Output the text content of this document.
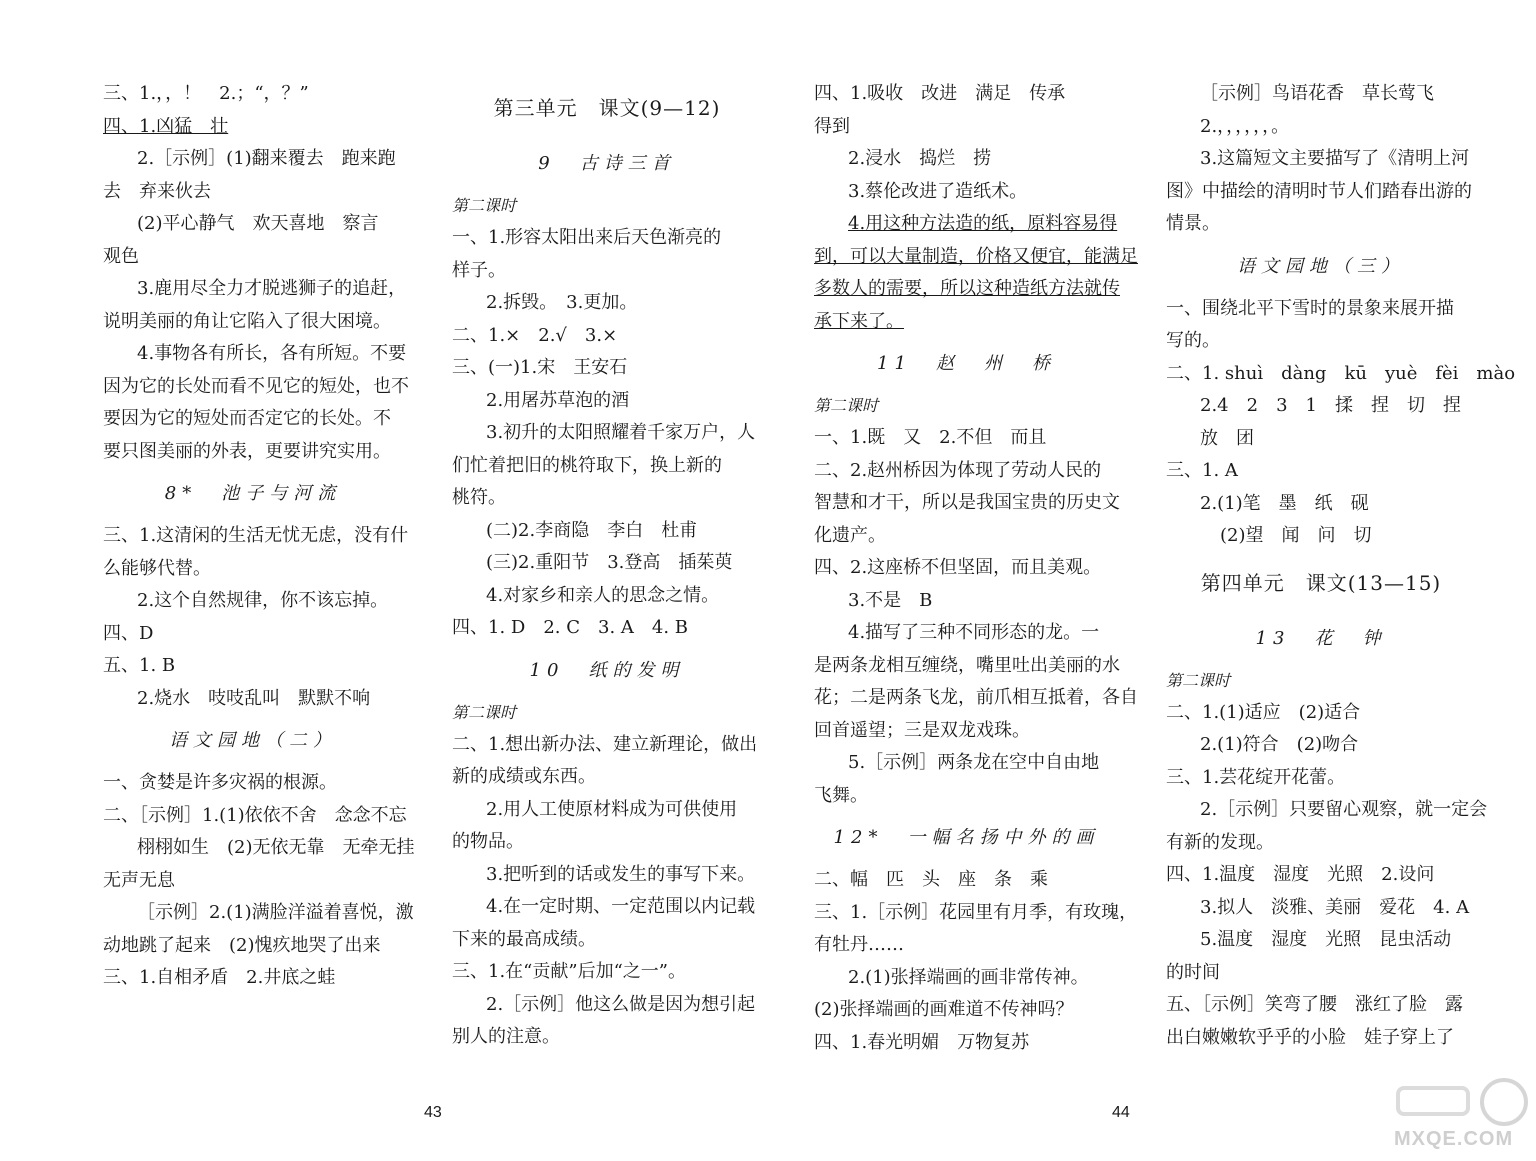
三、1.，，！　2.；“，？”
四、1.凶猛　壮
2.［示例］(1)翻来覆去　跑来跑
去　弃来伙去
(2)平心静气　欢天喜地　察言
观色
3.鹿用尽全力才脱逃狮子的追赶，
说明美丽的角让它陷入了很大困境。
4.事物各有所长，各有所短。不要
因为它的长处而看不见它的短处，也不
要因为它的短处而否定它的长处。不
要只图美丽的外表，更要讲究实用。
8*　池子与河流
三、1.这清闲的生活无忧无虑，没有什
么能够代替。
2.这个自然规律，你不该忘掉。
四、D
五、1. B
2.烧水　吱吱乱叫　默默不响
语文园地（二）
一、贪婪是许多灾祸的根源。
二、［示例］1.(1)依依不舍　念念不忘
栩栩如生　(2)无依无靠　无牵无挂
无声无息
［示例］2.(1)满脸洋溢着喜悦，激
动地跳了起来　(2)愧疚地哭了出来
三、1.自相矛盾　2.井底之蛙
第三单元　课文(9—12)
9　古诗三首
第二课时
一、1.形容太阳出来后天色渐亮的
样子。
2.拆毁。　3.更加。
二、1.×　2.√　3.×
三、(一)1.宋　王安石
2.用屠苏草泡的酒
3.初升的太阳照耀着千家万户，人
们忙着把旧的桃符取下，换上新的
桃符。
(二)2.李商隐　李白　杜甫
(三)2.重阳节　3.登高　插茱萸
4.对家乡和亲人的思念之情。
四、1. D　2. C　3. A　4. B
10　纸的发明
第二课时
二、1.想出新办法、建立新理论，做出
新的成绩或东西。
2.用人工使原材料成为可供使用
的物品。
3.把听到的话或发生的事写下来。
4.在一定时期、一定范围以内记载
下来的最高成绩。
三、1.在“贡献”后加“之一”。
2.［示例］他这么做是因为想引起
别人的注意。
四、1.吸收　改进　满足　传承
得到
2.浸水　捣烂　捞
3.蔡伦改进了造纸术。
4.用这种方法造的纸，原料容易得
到，可以大量制造，价格又便宜，能满足
多数人的需要，所以这种造纸方法就传
承下来了。
11　赵　州　桥
第二课时
一、1.既　又　2.不但　而且
二、2.赵州桥因为体现了劳动人民的
智慧和才干，所以是我国宝贵的历史文
化遗产。
四、2.这座桥不但坚固，而且美观。
3.不是　B
4.描写了三种不同形态的龙。一
是两条龙相互缠绕，嘴里吐出美丽的水
花；二是两条飞龙，前爪相互抵着，各自
回首遥望；三是双龙戏珠。
5.［示例］两条龙在空中自由地
飞舞。
12*　一幅名扬中外的画
二、幅　匹　头　座　条　乘
三、1.［示例］花园里有月季，有玫瑰，
有牡丹……
2.(1)张择端画的画非常传神。
(2)张择端画的画难道不传神吗？
四、1.春光明媚　万物复苏
［示例］鸟语花香　草长莺飞
2.，，，，，，。
3.这篇短文主要描写了《清明上河
图》中描绘的清明时节人们踏春出游的
情景。
语文园地（三）
一、围绕北平下雪时的景象来展开描
写的。
二、1. shuì　dàng　kū　yuè　fèi　mào
2.4　2　3　1　揉　捏　切　捏
放　团
三、1. A
2.(1)笔　墨　纸　砚
(2)望　闻　问　切
第四单元　课文(13—15)
13　花　钟
第二课时
二、1.(1)适应　(2)适合
2.(1)符合　(2)吻合
三、1.芸花绽开花蕾。
2.［示例］只要留心观察，就一定会
有新的发现。
四、1.温度　湿度　光照　2.设问
3.拟人　淡雅、美丽　爱花　4. A
5.温度　湿度　光照　昆虫活动
的时间
五、［示例］笑弯了腰　涨红了脸　露
出白嫩嫩软乎乎的小脸　娃子穿上了
43	44
MXQE.COM
